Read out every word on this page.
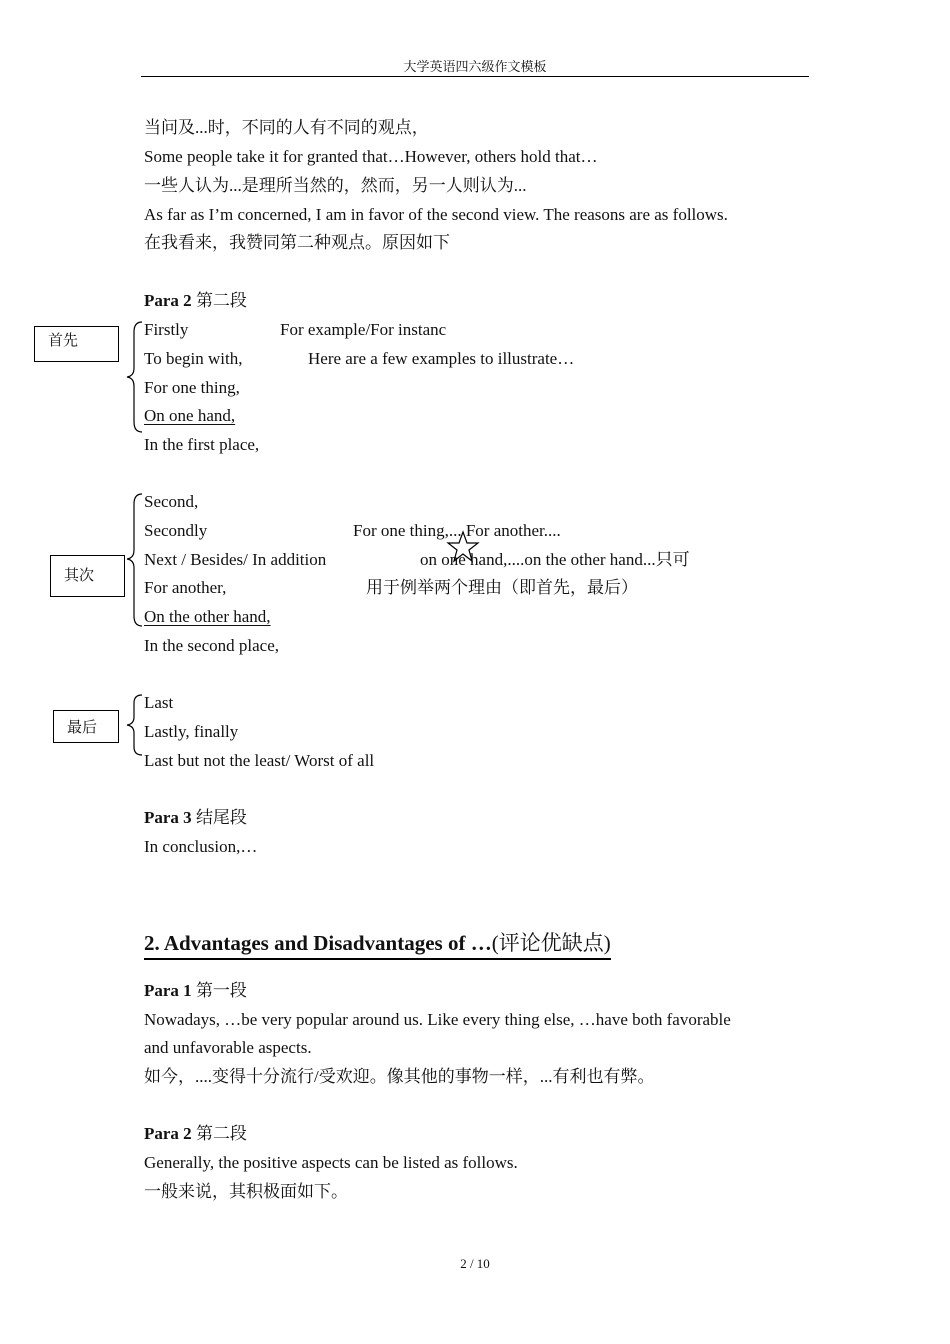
大学英语四六级作文模板
当问及...时，不同的人有不同的观点，
Some people take it for granted that…However, others hold that…
一些人认为...是理所当然的，然而，另一人则认为...
As far as I’m concerned, I am in favor of the second view. The reasons are as follows.
在我看来，我赞同第二种观点。原因如下
Para 2 第二段
首先
Firstly
To begin with,
For one thing,
On one hand,
In the first place,
For example/For instanc
Here are a few examples to illustrate…
其次
Second,
Secondly
Next / Besides/ In addition
For another,
On the other hand,
In the second place,
For one thing,... For another....
on one hand,....on the other hand...只可
用于例举两个理由（即首先，最后）
最后
Last
Lastly, finally
Last but not the least/ Worst of all
Para 3 结尾段
In conclusion,…
2. Advantages and Disadvantages of …(评论优缺点)
Para 1 第一段
Nowadays, …be very popular around us. Like every thing else, …have both favorable
and unfavorable aspects.
如今，....变得十分流行/受欢迎。像其他的事物一样，...有利也有弊。
Para 2 第二段
Generally, the positive aspects can be listed as follows.
一般来说，其积极面如下。
2 / 10
